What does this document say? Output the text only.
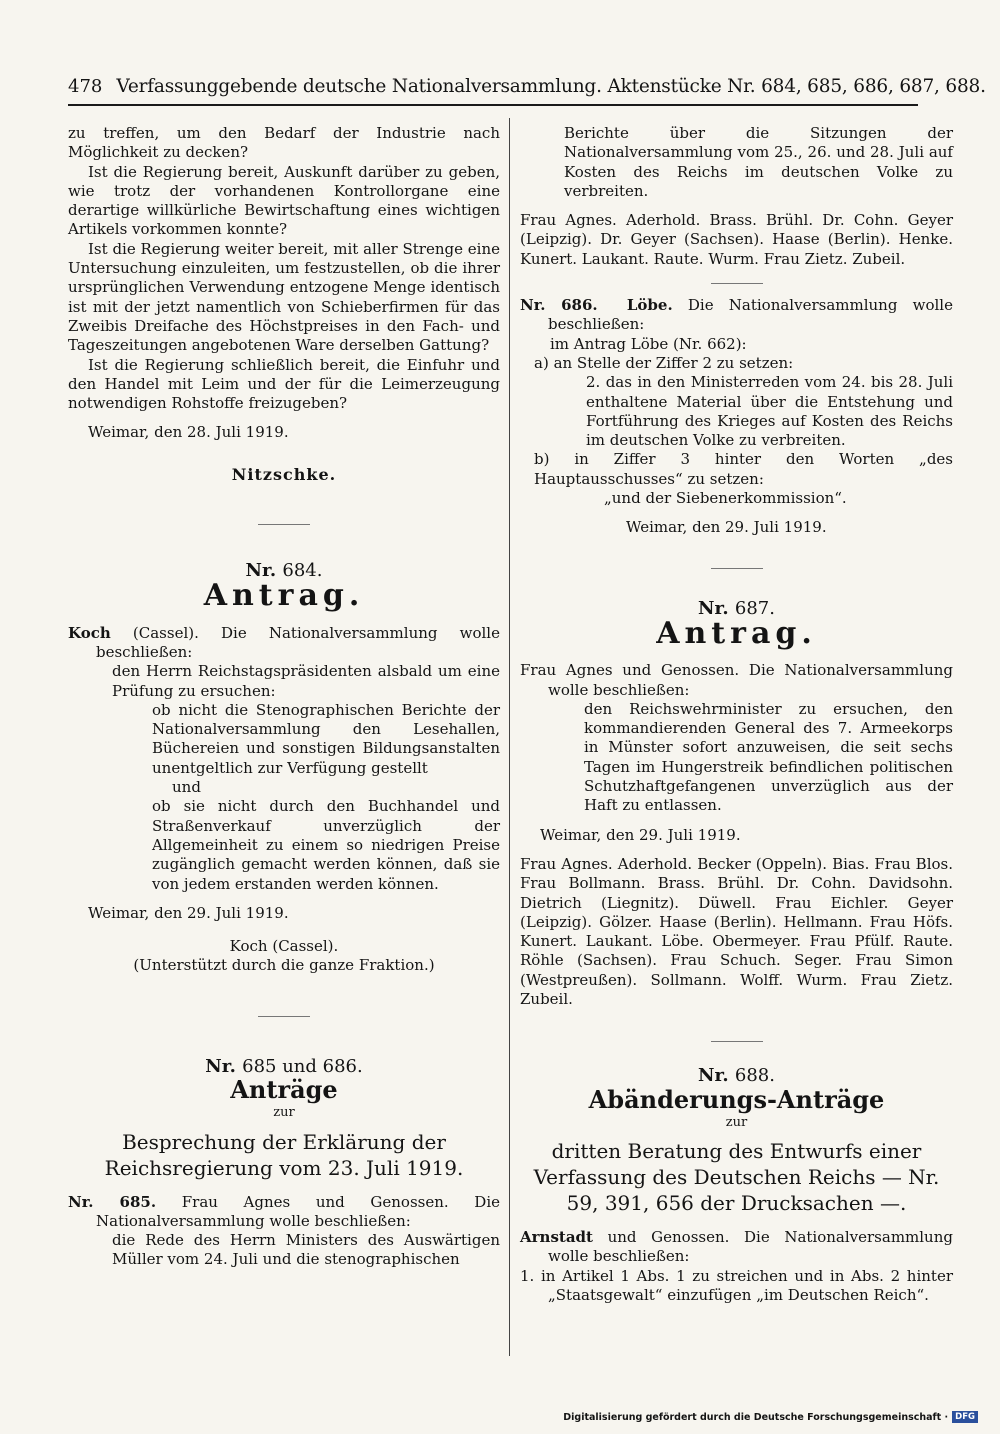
478 Verfassunggebende deutsche Nationalversammlung. Aktenstücke Nr. 684, 685, 686, 687, 688.

zu treffen, um den Bedarf der Industrie nach Möglichkeit zu decken?

Ist die Regierung bereit, Auskunft darüber zu geben, wie trotz der vorhandenen Kontrollorgane eine derartige willkürliche Bewirtschaftung eines wichtigen Artikels vorkommen konnte?

Ist die Regierung weiter bereit, mit aller Strenge eine Untersuchung einzuleiten, um festzustellen, ob die ihrer ursprünglichen Verwendung entzogene Menge identisch ist mit der jetzt namentlich von Schieberfirmen für das Zweibis Dreifache des Höchstpreises in den Fach- und Tageszeitungen angebotenen Ware derselben Gattung?

Ist die Regierung schließlich bereit, die Einfuhr und den Handel mit Leim und der für die Leimerzeugung notwendigen Rohstoffe freizugeben?

Weimar, den 28. Juli 1919.

Nitzschke.

Nr. 684.
Antrag.

Koch (Cassel). Die Nationalversammlung wolle beschließen:

den Herrn Reichstagspräsidenten alsbald um eine Prüfung zu ersuchen:

ob nicht die Stenographischen Berichte der Nationalversammlung den Lesehallen, Büchereien und sonstigen Bildungsanstalten unentgeltlich zur Verfügung gestellt

und

ob sie nicht durch den Buchhandel und Straßenverkauf unverzüglich der Allgemeinheit zu einem so niedrigen Preise zugänglich gemacht werden können, daß sie von jedem erstanden werden können.

Weimar, den 29. Juli 1919.

Koch (Cassel).

(Unterstützt durch die ganze Fraktion.)

Nr. 685 und 686.
Anträge
zur
Besprechung der Erklärung der Reichsregierung vom 23. Juli 1919.

Nr. 685. Frau Agnes und Genossen. Die Nationalversammlung wolle beschließen:

die Rede des Herrn Ministers des Auswärtigen Müller vom 24. Juli und die stenographischen

Berichte über die Sitzungen der Nationalversammlung vom 25., 26. und 28. Juli auf Kosten des Reichs im deutschen Volke zu verbreiten.

Frau Agnes. Aderhold. Brass. Brühl. Dr. Cohn. Geyer (Leipzig). Dr. Geyer (Sachsen). Haase (Berlin). Henke. Kunert. Laukant. Raute. Wurm. Frau Zietz. Zubeil.

Nr. 686. Löbe. Die Nationalversammlung wolle beschließen:

im Antrag Löbe (Nr. 662):

a) an Stelle der Ziffer 2 zu setzen:

2. das in den Ministerreden vom 24. bis 28. Juli enthaltene Material über die Entstehung und Fortführung des Krieges auf Kosten des Reichs im deutschen Volke zu verbreiten.

b) in Ziffer 3 hinter den Worten „des Hauptausschusses“ zu setzen:

„und der Siebenerkommission“.

Weimar, den 29. Juli 1919.

Nr. 687.
Antrag.

Frau Agnes und Genossen. Die Nationalversammlung wolle beschließen:

den Reichswehrminister zu ersuchen, den kommandierenden General des 7. Armeekorps in Münster sofort anzuweisen, die seit sechs Tagen im Hungerstreik befindlichen politischen Schutzhaftgefangenen unverzüglich aus der Haft zu entlassen.

Weimar, den 29. Juli 1919.

Frau Agnes. Aderhold. Becker (Oppeln). Bias. Frau Blos. Frau Bollmann. Brass. Brühl. Dr. Cohn. Davidsohn. Dietrich (Liegnitz). Düwell. Frau Eichler. Geyer (Leipzig). Gölzer. Haase (Berlin). Hellmann. Frau Höfs. Kunert. Laukant. Löbe. Obermeyer. Frau Pfülf. Raute. Röhle (Sachsen). Frau Schuch. Seger. Frau Simon (Westpreußen). Sollmann. Wolff. Wurm. Frau Zietz. Zubeil.

Nr. 688.
Abänderungs-Anträge
zur
dritten Beratung des Entwurfs einer Verfassung des Deutschen Reichs — Nr. 59, 391, 656 der Drucksachen —.

Arnstadt und Genossen. Die Nationalversammlung wolle beschließen:

1. in Artikel 1 Abs. 1 zu streichen und in Abs. 2 hinter „Staatsgewalt“ einzufügen „im Deutschen Reich“.

Digitalisierung gefördert durch die Deutsche Forschungsgemeinschaft · DFG
